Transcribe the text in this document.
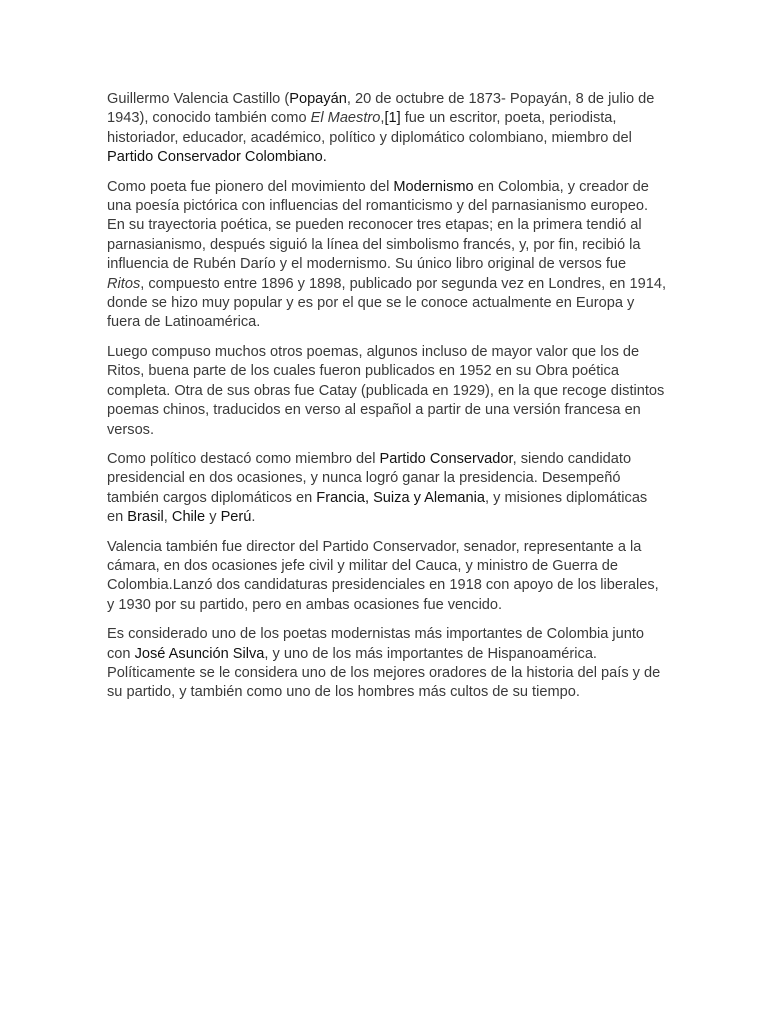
Guillermo Valencia Castillo (Popayán, 20 de octubre de 1873- Popayán, 8 de julio de 1943), conocido también como El Maestro,[1] fue un escritor, poeta, periodista, historiador, educador, académico, político y diplomático colombiano, miembro del Partido Conservador Colombiano.

Como poeta fue pionero del movimiento del Modernismo en Colombia, y creador de una poesía pictórica con influencias del romanticismo y del parnasianismo europeo. En su trayectoria poética, se pueden reconocer tres etapas; en la primera tendió al parnasianismo, después siguió la línea del simbolismo francés, y, por fin, recibió la influencia de Rubén Darío y el modernismo. Su único libro original de versos fue Ritos, compuesto entre 1896 y 1898, publicado por segunda vez en Londres, en 1914, donde se hizo muy popular y es por el que se le conoce actualmente en Europa y fuera de Latinoamérica.

Luego compuso muchos otros poemas, algunos incluso de mayor valor que los de Ritos, buena parte de los cuales fueron publicados en 1952 en su Obra poética completa. Otra de sus obras fue Catay (publicada en 1929), en la que recoge distintos poemas chinos, traducidos en verso al español a partir de una versión francesa en versos.

Como político destacó como miembro del Partido Conservador, siendo candidato presidencial en dos ocasiones, y nunca logró ganar la presidencia. Desempeñó también cargos diplomáticos en Francia, Suiza y Alemania, y misiones diplomáticas en Brasil, Chile y Perú.

Valencia también fue director del Partido Conservador, senador, representante a la cámara, en dos ocasiones jefe civil y militar del Cauca, y ministro de Guerra de Colombia.Lanzó dos candidaturas presidenciales en 1918 con apoyo de los liberales, y 1930 por su partido, pero en ambas ocasiones fue vencido.

Es considerado uno de los poetas modernistas más importantes de Colombia junto con José Asunción Silva, y uno de los más importantes de Hispanoamérica. Políticamente se le considera uno de los mejores oradores de la historia del país y de su partido, y también como uno de los hombres más cultos de su tiempo.
